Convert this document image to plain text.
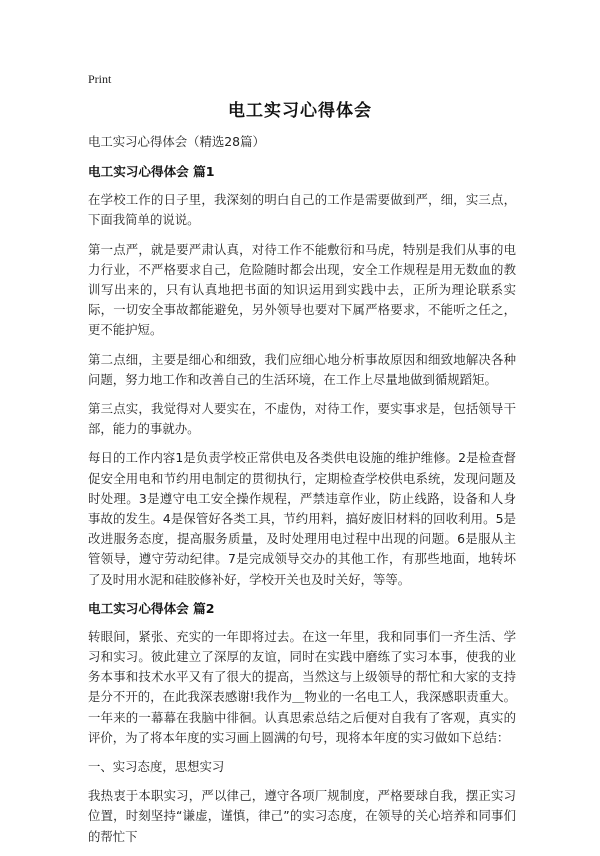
Print
电工实习心得体会

电工实习心得体会（精选28篇）

电工实习心得体会 篇1

在学校工作的日子里，我深刻的明白自己的工作是需要做到严，细，实三点，下面我简单的说说。

第一点严，就是要严肃认真，对待工作不能敷衍和马虎，特别是我们从事的电力行业，不严格要求自己，危险随时都会出现，安全工作规程是用无数血的教训写出来的，只有认真地把书面的知识运用到实践中去，正所为理论联系实际，一切安全事故都能避免，另外领导也要对下属严格要求，不能听之任之，更不能护短。

第二点细，主要是细心和细致，我们应细心地分析事故原因和细致地解决各种问题，努力地工作和改善自己的生活环境，在工作上尽量地做到循规蹈矩。

第三点实，我觉得对人要实在，不虚伪，对待工作，要实事求是，包括领导干部，能力的事就办。

每日的工作内容1是负责学校正常供电及各类供电设施的维护维修。2是检查督促安全用电和节约用电制定的贯彻执行，定期检查学校供电系统，发现问题及时处理。3是遵守电工安全操作规程，严禁违章作业，防止线路，设备和人身事故的发生。4是保管好各类工具，节约用料，搞好废旧材料的回收利用。5是改进服务态度，提高服务质量，及时处理用电过程中出现的问题。6是服从主管领导，遵守劳动纪律。7是完成领导交办的其他工作，有那些地面，地转坏了及时用水泥和硅胶修补好，学校开关也及时关好，等等。

电工实习心得体会 篇2

转眼间，紧张、充实的一年即将过去。在这一年里，我和同事们一齐生活、学习和实习。彼此建立了深厚的友谊，同时在实践中磨练了实习本事，使我的业务本事和技术水平又有了很大的提高，当然这与上级领导的帮忙和大家的支持是分不开的，在此我深表感谢!我作为＿物业的一名电工人，我深感职责重大。一年来的一幕幕在我脑中徘徊。认真思索总结之后便对自我有了客观，真实的评价，为了将本年度的实习画上圆满的句号，现将本年度的实习做如下总结：

一、实习态度，思想实习

我热衷于本职实习，严以律己，遵守各项厂规制度，严格要球自我，摆正实习位置，时刻坚持“谦虚，谨慎，律己”的实习态度，在领导的关心培养和同事们的帮忙下
